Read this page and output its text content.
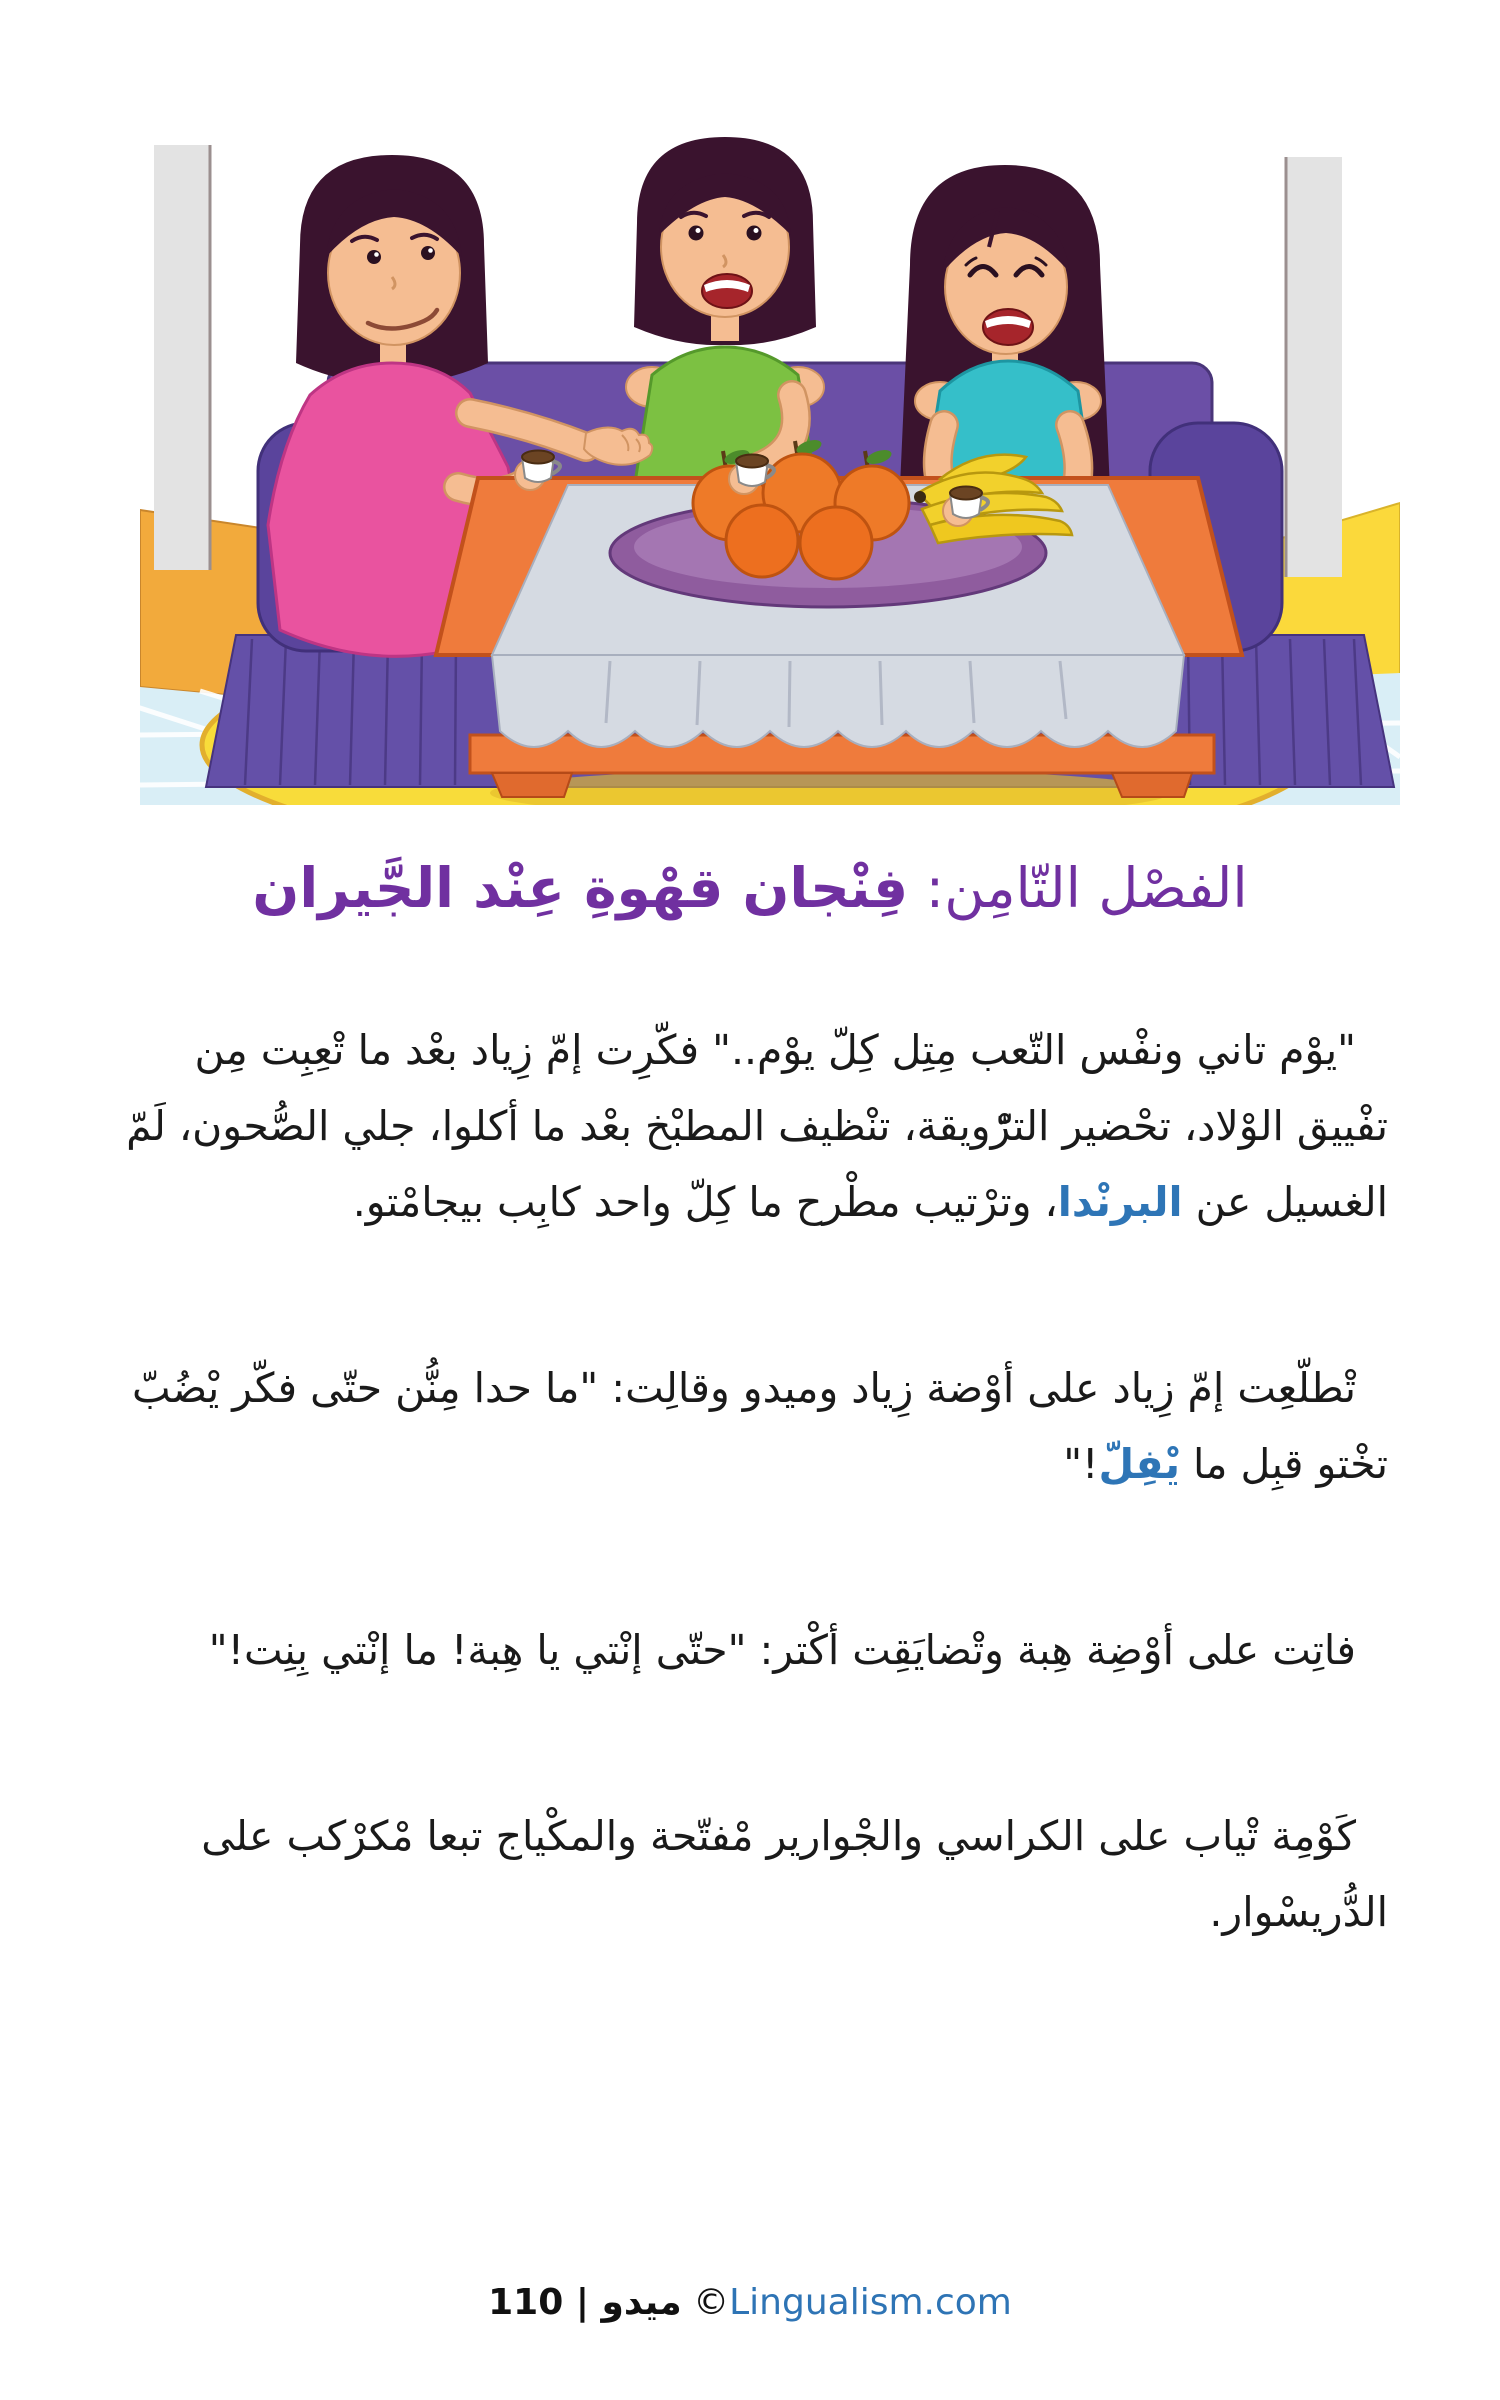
الفصْل التّامِن: فِنْجان قهْوةِ عِنْد الجَّيران

"يوْم تاني ونفْس التّعب مِتِل كِلّ يوْم.." فكّرِت إمّ زِياد بعْد ما تْعِبِت مِن تفْييق الوْلاد، تحْضير الترّْويقة، تنْظيف المطبْخ بعْد ما أكلوا، جلي الصُّحون، لَمّ الغسيل عن البرنْدا، وترْتيب مطْرح ما كِلّ واحد كابِب بيجامْتو.

تْطلّعِت إمّ زِياد على أوْضة زِياد وميدو وقالِت: "ما حدا مِنُّن حتّى فكّر يْضُبّ تخْتو قبِل ما يْفِلّ!"

فاتِت على أوْضِة هِبة وتْضايَقِت أكْتر: "حتّى إنْتي يا هِبة! ما إنْتي بِنِت!"

كَوْمِة تْياب على الكراسي والجْوارير مْفتّحة والمكْياج تبعا مْكرْكب على الدُّريسْوار.

110 | ميدو ©Lingualism.com
